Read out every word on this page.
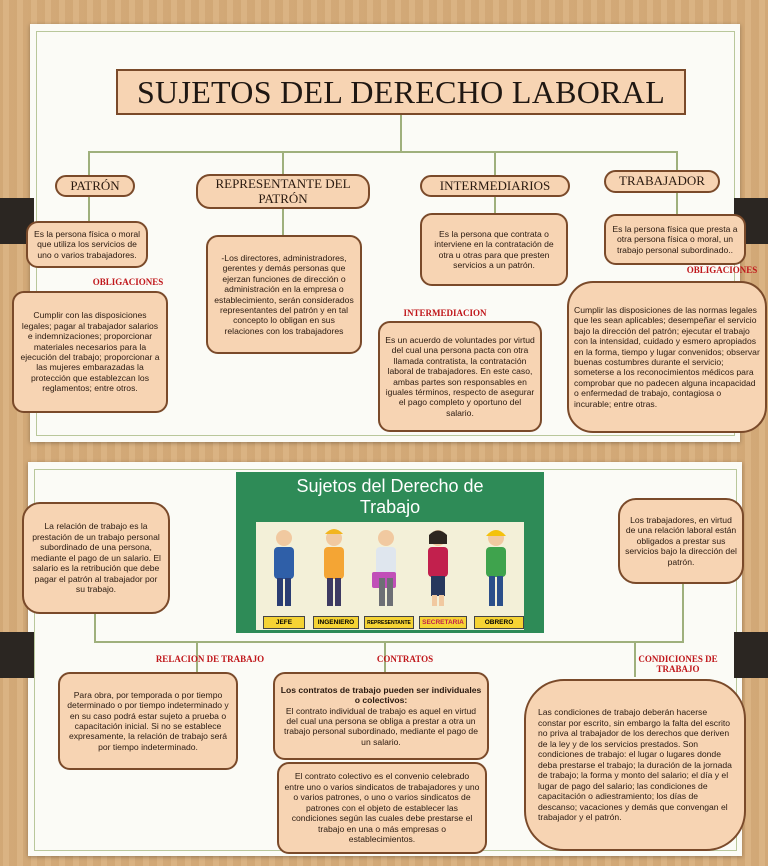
SUJETOS DEL DERECHO LABORAL
PATRÓN	REPRESENTANTE DEL PATRÓN
INTERMEDIARIOS	TRABAJADOR
Es la persona física o moral que utiliza los servicios de uno o varios trabajadores.
OBLIGACIONES
Cumplir con las disposiciones legales; pagar al trabajador salarios e indemnizaciones; proporcionar materiales necesarios para la ejecución del trabajo; proporcionar a las mujeres embarazadas la protección que establezcan los reglamentos; entre otros.
-Los directores, administradores, gerentes y demás personas que ejerzan funciones de dirección o administración en la empresa o establecimiento, serán considerados representantes del patrón y en tal concepto lo obligan en sus relaciones con los trabajadores
Es la persona que contrata o interviene en la contratación de otra u otras para que presten servicios a un patrón.
INTERMEDIACION
Es un acuerdo de voluntades por virtud del cual una persona pacta con otra llamada contratista, la contratación laboral de trabajadores. En este caso, ambas partes son responsables en iguales términos, respecto de asegurar el pago completo y oportuno del salario.
Es la persona física que presta a otra persona física o moral, un trabajo personal subordinado..
OBLIGACIONES
Cumplir las disposiciones de las normas legales que les sean aplicables; desempeñar el servicio bajo la dirección del patrón; ejecutar el trabajo con la intensidad, cuidado y esmero apropiados en la forma, tiempo y lugar convenidos; observar buenas costumbres durante el servicio; someterse a los reconocimientos médicos para comprobar que no padecen alguna incapacidad o enfermedad de trabajo, contagiosa o incurable; entre otras.
Sujetos del Derecho de Trabajo
JEFE	INGENIERO	REPRESENTANTE	SECRETARIA	OBRERO
La relación de trabajo es la prestación de un trabajo personal subordinado de una persona, mediante el pago de un salario. El salario es la retribución que debe pagar el patrón al trabajador por su trabajo.
Los trabajadores, en virtud de una relación laboral están obligados a prestar sus servicios bajo la dirección del patrón.
RELACION DE TRABAJO
Para obra, por temporada o por tiempo determinado o por tiempo indeterminado y en su caso podrá estar sujeto a prueba o capacitación inicial. Si no se establece expresamente, la relación de trabajo será por tiempo indeterminado.
CONTRATOS
Los contratos de trabajo pueden ser individuales o colectivos:
El contrato individual de trabajo es aquel en virtud del cual una persona se obliga a prestar a otra un trabajo personal subordinado, mediante el pago de un salario.
El contrato colectivo es el convenio celebrado entre uno o varios sindicatos de trabajadores y uno o varios patrones, o uno o varios sindicatos de patrones con el objeto de establecer las condiciones según las cuales debe prestarse el trabajo en una o más empresas o establecimientos.
CONDICIONES DE TRABAJO
Las condiciones de trabajo deberán hacerse constar por escrito, sin embargo la falta del escrito no priva al trabajador de los derechos que deriven de la ley y de los servicios prestados. Son condiciones de trabajo: el lugar o lugares donde deba prestarse el trabajo; la duración de la jornada de trabajo; la forma y monto del salario; el día y el lugar de pago del salario; las condiciones de capacitación o adiestramiento; los días de descanso; vacaciones y demás que convengan el trabajador y el patrón.
